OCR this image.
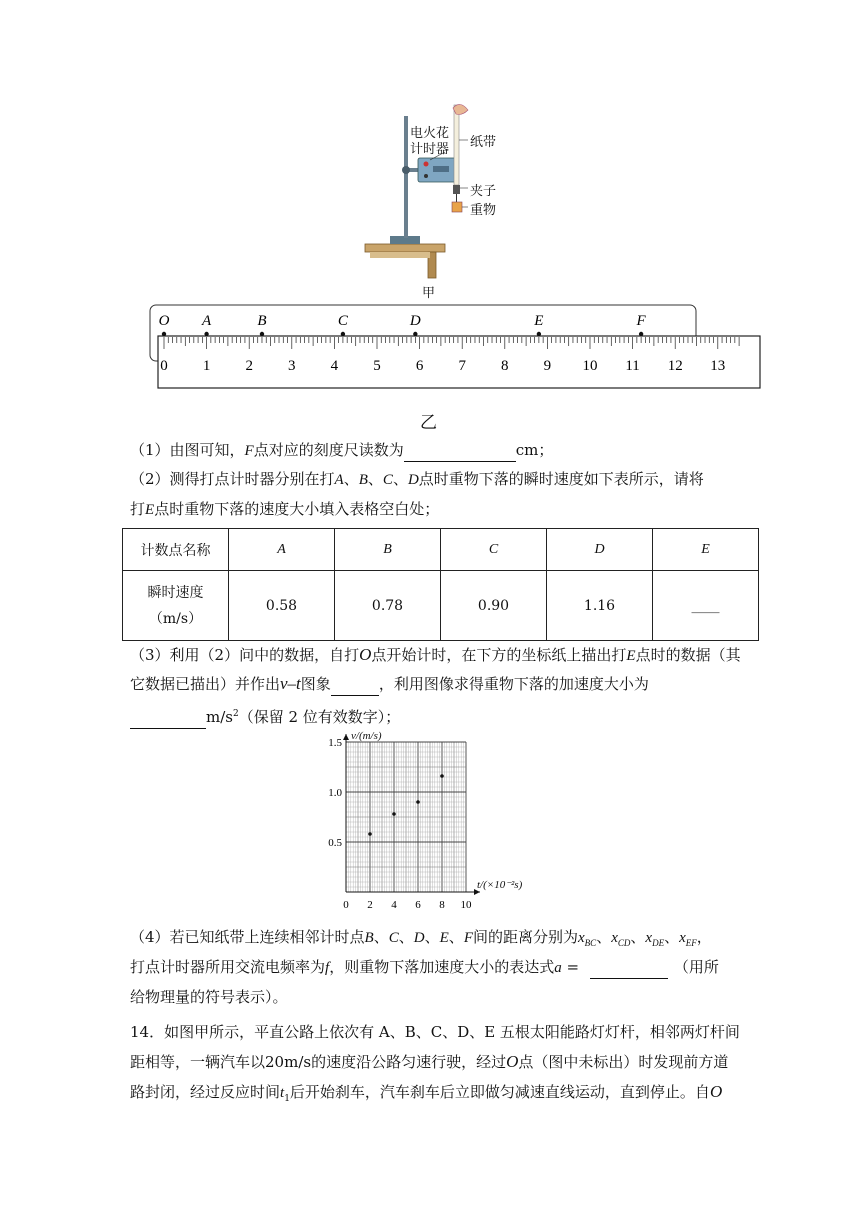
电火花
计时器 纸带
夹子
重物
甲
0 1 2 3 4 5 6 7 8 9 10 11 12 13
O A	B	C	D	E	F
乙
（1）由图可知，F点对应的刻度尺读数为	cm；
（2）测得打点计时器分别在打A、B、C、D点时重物下落的瞬时速度如下表所示，请将
打E点时重物下落的速度大小填入表格空白处；
计数点名称	A	B	C	D	E

瞬时速度
（m/s）	0.58	0.78	0.90	1.16	____
（3）利用（2）问中的数据，自打O点开始计时，在下方的坐标纸上描出打E点时的数据（其
它数据已描出）并作出v–t图象	，利用图像求得重物下落的加速度大小为
$m/s^2$（保留 2 位有效数字）；
0 2 4 6 8 10
0.5
1.0
1.5
v/(m/s)
t/(×10⁻²s)
（4）若已知纸带上连续相邻计时点B、C、D、E、F间的距离分别为$x_{BC}$、$x_{CD}$、$x_{DE}$、$x_{EF}$，
打点计时器所用交流电频率为f，则重物下落加速度大小的表达式a =	（用所
给物理量的符号表示）。
14．如图甲所示，平直公路上依次有 A、B、C、D、E 五根太阳能路灯灯杆，相邻两灯杆间
距相等，一辆汽车以20m/s的速度沿公路匀速行驶，经过O点（图中未标出）时发现前方道
路封闭，经过反应时间$t_1$后开始刹车，汽车刹车后立即做匀减速直线运动，直到停止。自O
